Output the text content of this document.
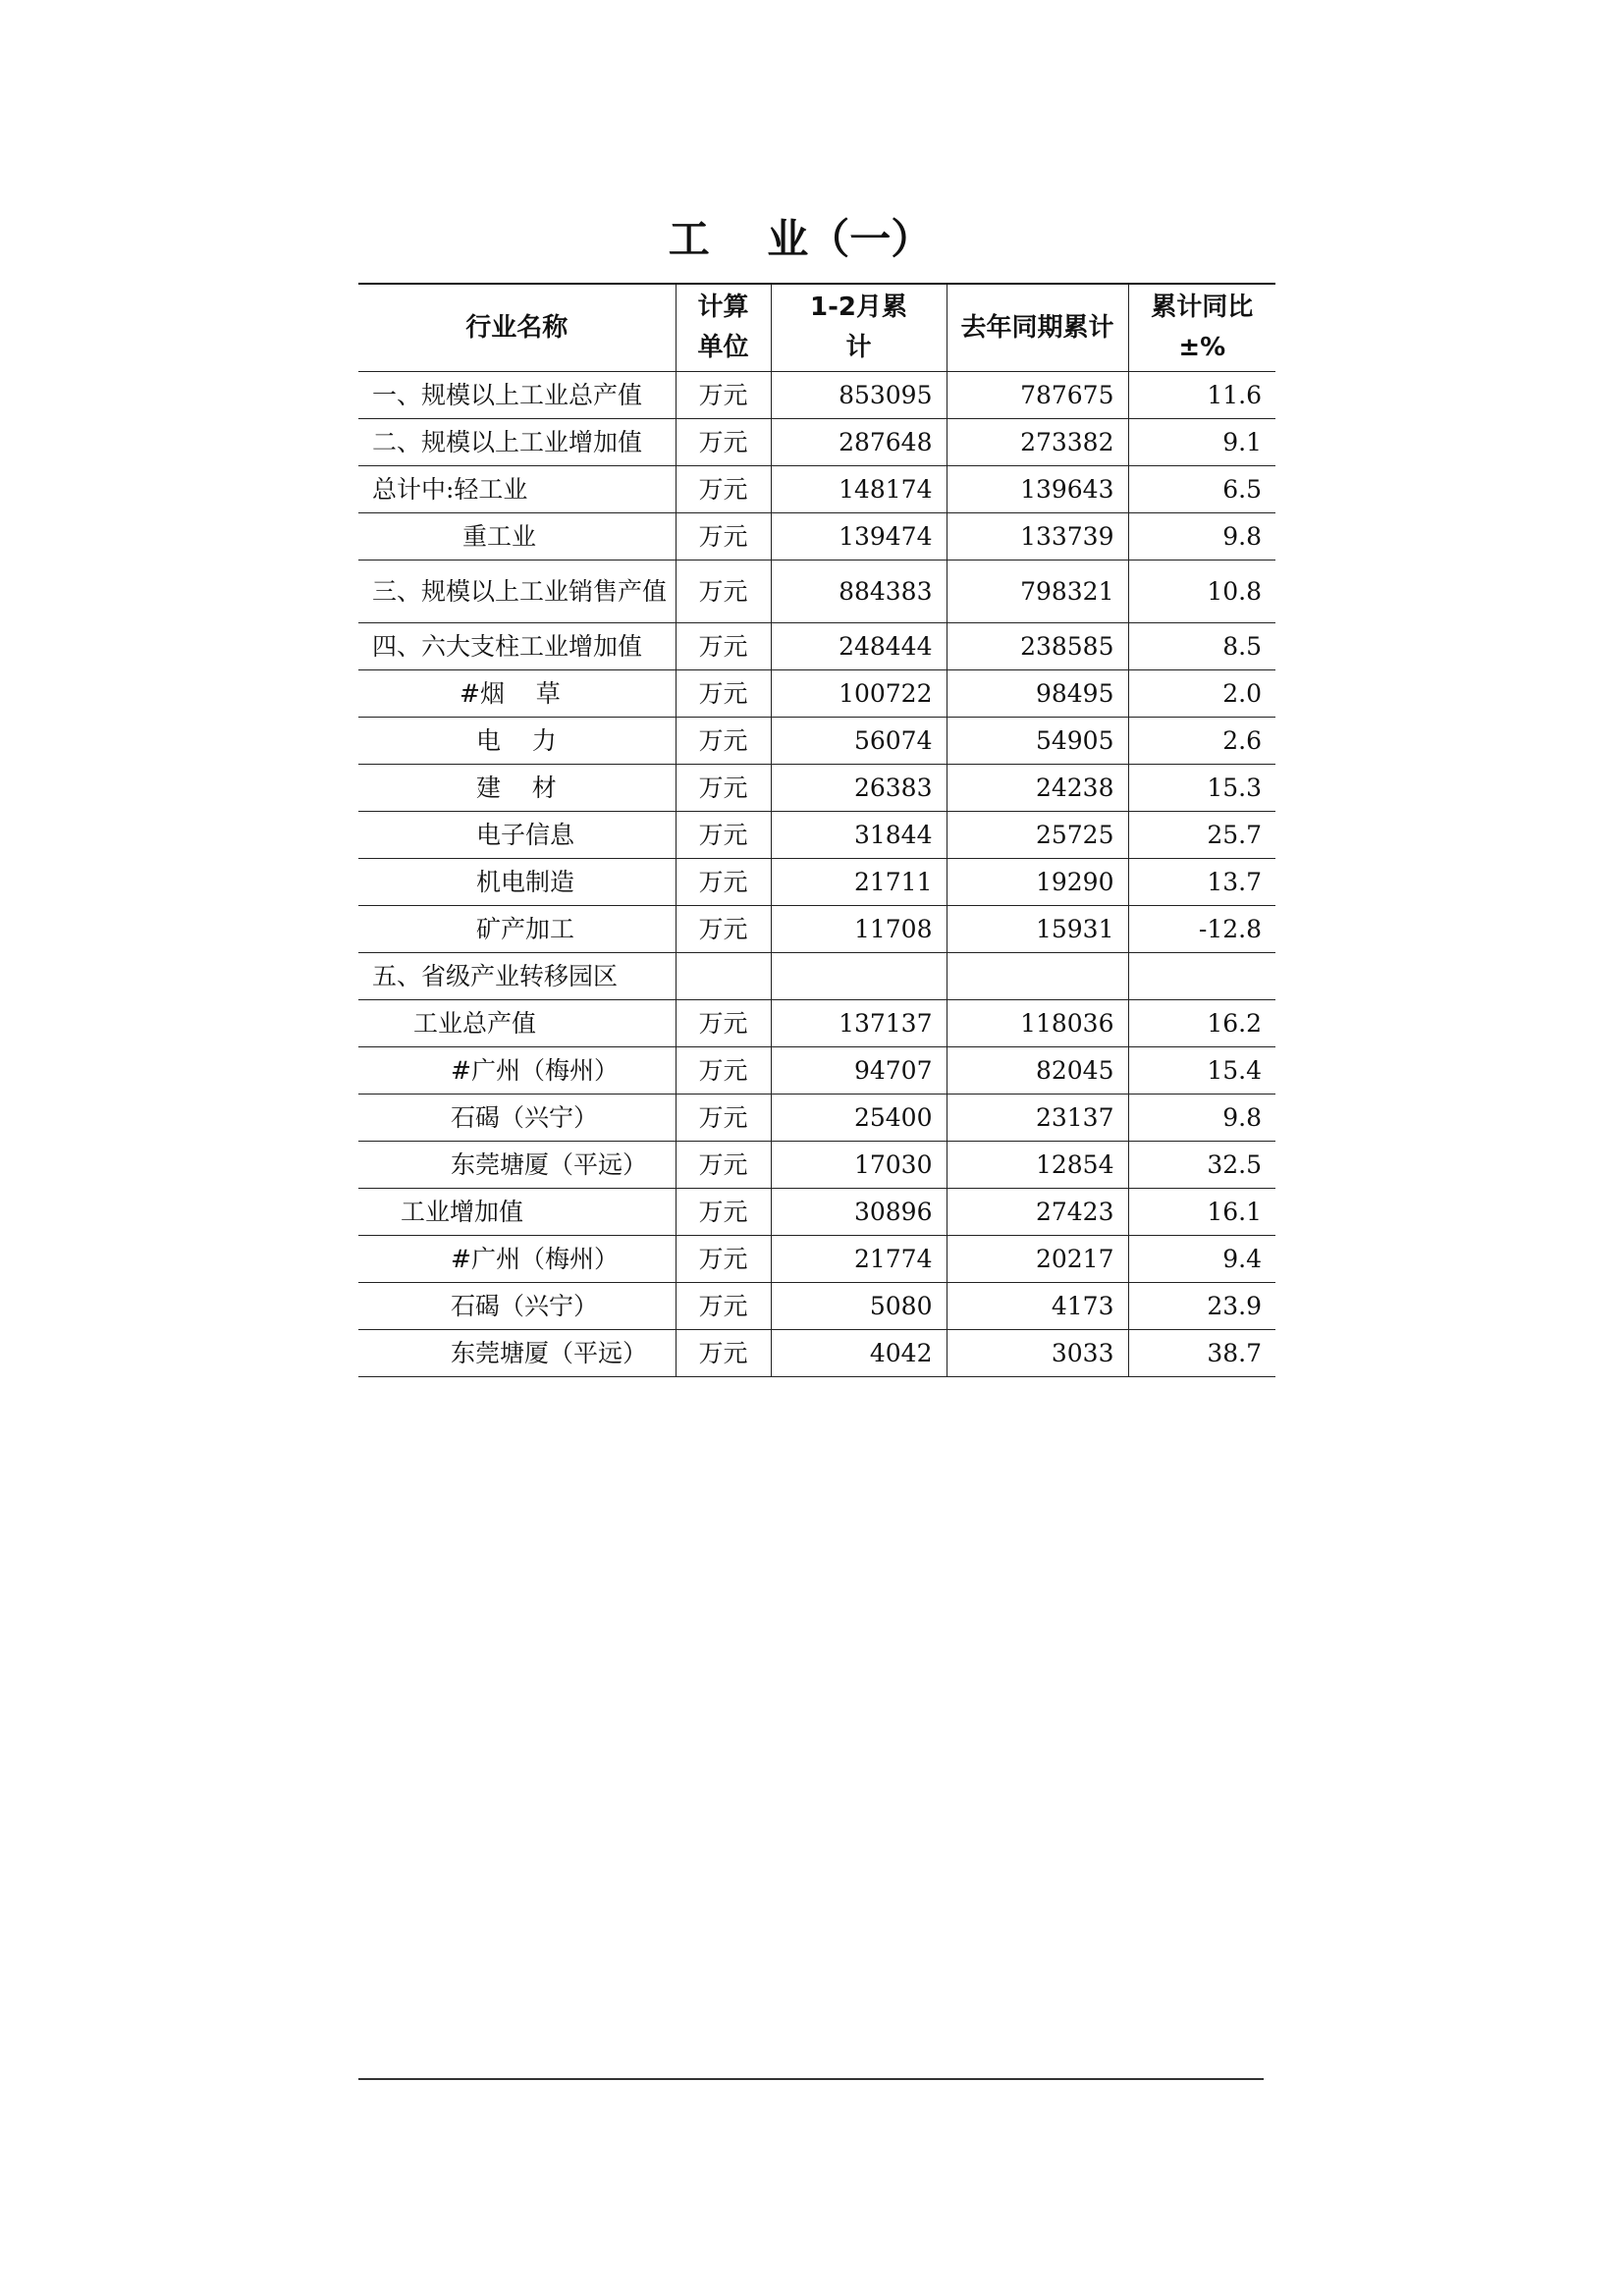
工    业（一）
行业名称	计算单位	1-2月累计	去年同期累计	累计同比±%
一、规模以上工业总产值	万元	853095	787675	11.6
二、规模以上工业增加值	万元	287648	273382	9.1
总计中:轻工业	万元	148174	139643	6.5
重工业	万元	139474	133739	9.8
三、规模以上工业销售产值	万元	884383	798321	10.8
四、六大支柱工业增加值	万元	248444	238585	8.5
#烟    草	万元	100722	98495	2.0
电    力	万元	56074	54905	2.6
建    材	万元	26383	24238	15.3
电子信息	万元	31844	25725	25.7
机电制造	万元	21711	19290	13.7
矿产加工	万元	11708	15931	-12.8
五、省级产业转移园区				
工业总产值	万元	137137	118036	16.2
#广州（梅州）	万元	94707	82045	15.4
石碣（兴宁）	万元	25400	23137	9.8
东莞塘厦（平远）	万元	17030	12854	32.5
工业增加值	万元	30896	27423	16.1
#广州（梅州）	万元	21774	20217	9.4
石碣（兴宁）	万元	5080	4173	23.9
东莞塘厦（平远）	万元	4042	3033	38.7
